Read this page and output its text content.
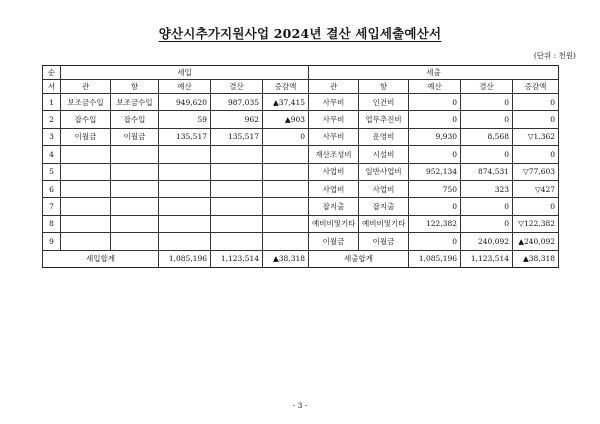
양산시추가지원사업 2024년 결산 세입세출예산서
(단위 : 천원)
순	세입					세출				
서	관	항	예산	결산	증감액	관	항	예산	결산	증감액
1	보조금수입	보조금수입	949,620	987,035	▲37,415	사무비	인건비	0	0	0
2	잡수입	잡수입	59	962	▲903	사무비	업무추진비	0	0	0
3	이월금	이월금	135,517	135,517	0	사무비	운영비	9,930	8,568	▽1,362
4						재산조성비	시설비	0	0	0
5						사업비	일반사업비	952,134	874,531	▽77,603
6						사업비	사업비	750	323	▽427
7						잡지출	잡지출	0	0	0
8						예비비및기타	예비비및기타	122,382	0	▽122,382
9						이월금	이월금	0	240,092	▲240,092
세입합계			1,085,196	1,123,514	▲38,318	세출합계		1,085,196	1,123,514	▲38,318
- 3 -
